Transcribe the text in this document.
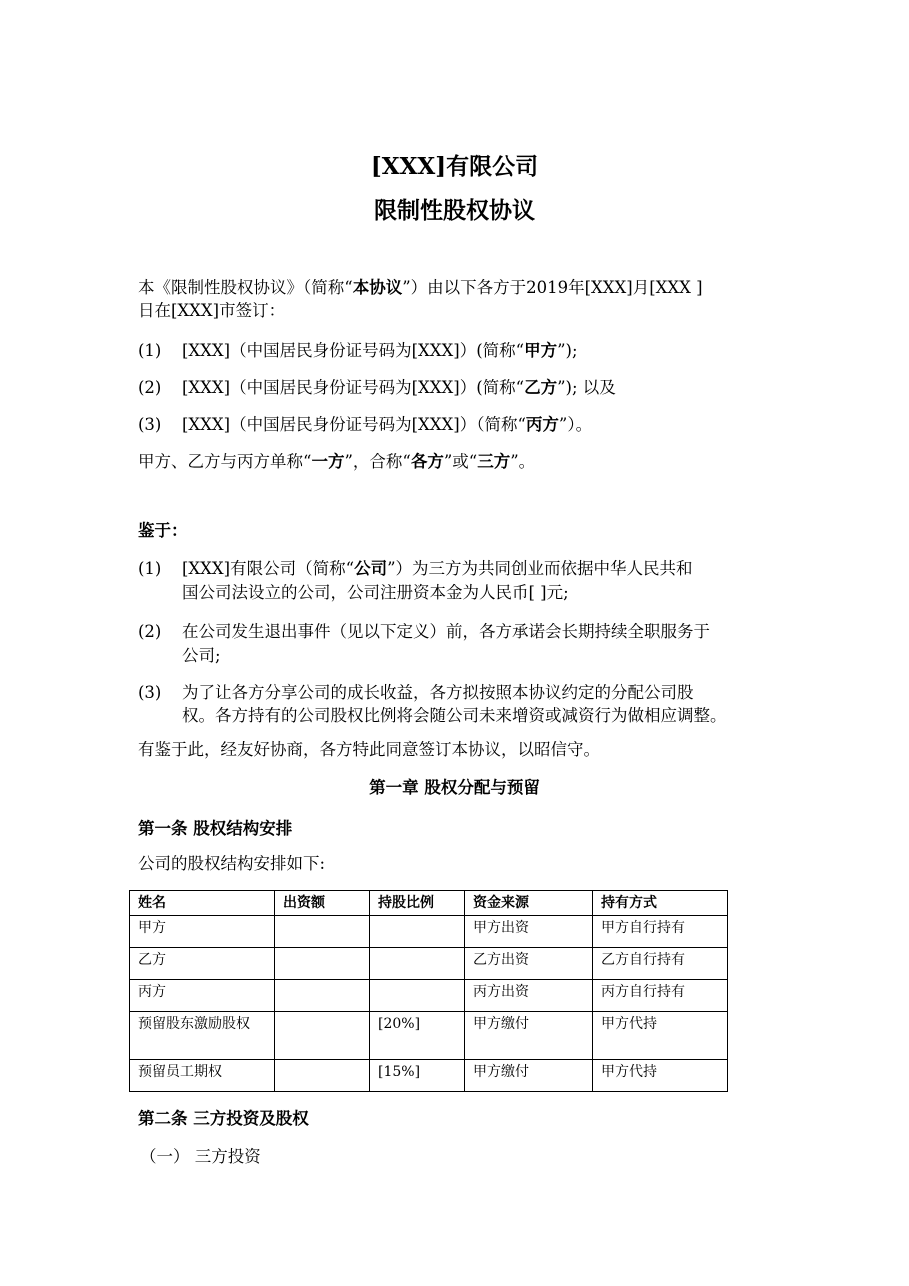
[XXX]有限公司
限制性股权协议
本《限制性股权协议》（简称“本协议”）由以下各方于2019年[XXX]月[XXX ]
日在[XXX]市签订：
(1) [XXX]（中国居民身份证号码为[XXX]）(简称“甲方”);
(2) [XXX]（中国居民身份证号码为[XXX]）(简称“乙方”); 以及
(3) [XXX]（中国居民身份证号码为[XXX]）（简称“丙方”）。
甲方、乙方与丙方单称“一方”，合称“各方”或“三方”。
鉴于：
(1) [XXX]有限公司（简称“公司”）为三方为共同创业而依据中华人民共和
国公司法设立的公司，公司注册资本金为人民币[ ]元;
(2) 在公司发生退出事件（见以下定义）前，各方承诺会长期持续全职服务于
公司;
(3) 为了让各方分享公司的成长收益，各方拟按照本协议约定的分配公司股
权。各方持有的公司股权比例将会随公司未来增资或减资行为做相应调整。
有鉴于此，经友好协商，各方特此同意签订本协议，以昭信守。
第一章 股权分配与预留
第一条 股权结构安排
公司的股权结构安排如下:
姓名	出资额	持股比例	资金来源	持有方式
甲方			甲方出资	甲方自行持有
乙方			乙方出资	乙方自行持有
丙方			丙方出资	丙方自行持有
预留股东激励股权		[20%]	甲方缴付	甲方代持
预留员工期权		[15%]	甲方缴付	甲方代持
第二条 三方投资及股权
（一） 三方投资
